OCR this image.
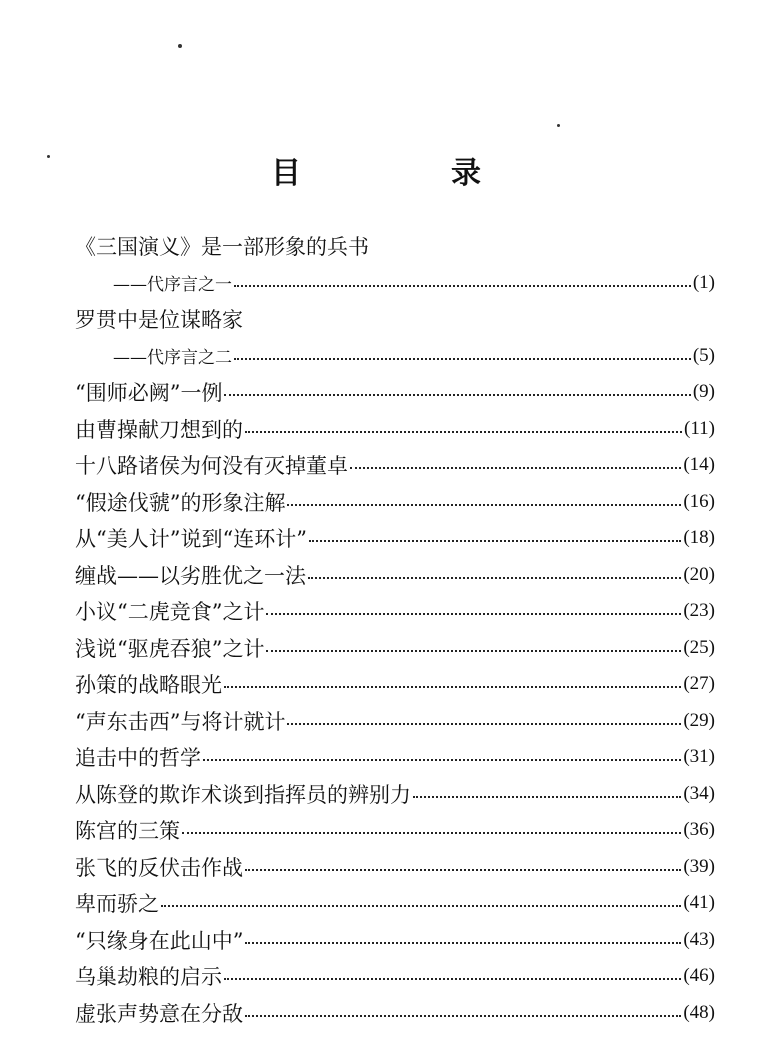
目　录
《三国演义》是一部形象的兵书
——代序言之一	(1)
罗贯中是位谋略家
——代序言之二	(5)
“围师必阙”一例	(9)
由曹操献刀想到的	(11)
十八路诸侯为何没有灭掉董卓	(14)
“假途伐虢”的形象注解	(16)
从“美人计”说到“连环计”	(18)
缠战——以劣胜优之一法	(20)
小议“二虎竞食”之计	(23)
浅说“驱虎吞狼”之计	(25)
孙策的战略眼光	(27)
“声东击西”与将计就计	(29)
追击中的哲学	(31)
从陈登的欺诈术谈到指挥员的辨别力	(34)
陈宫的三策	(36)
张飞的反伏击作战	(39)
卑而骄之	(41)
“只缘身在此山中”	(43)
乌巢劫粮的启示	(46)
虚张声势意在分敌	(48)
